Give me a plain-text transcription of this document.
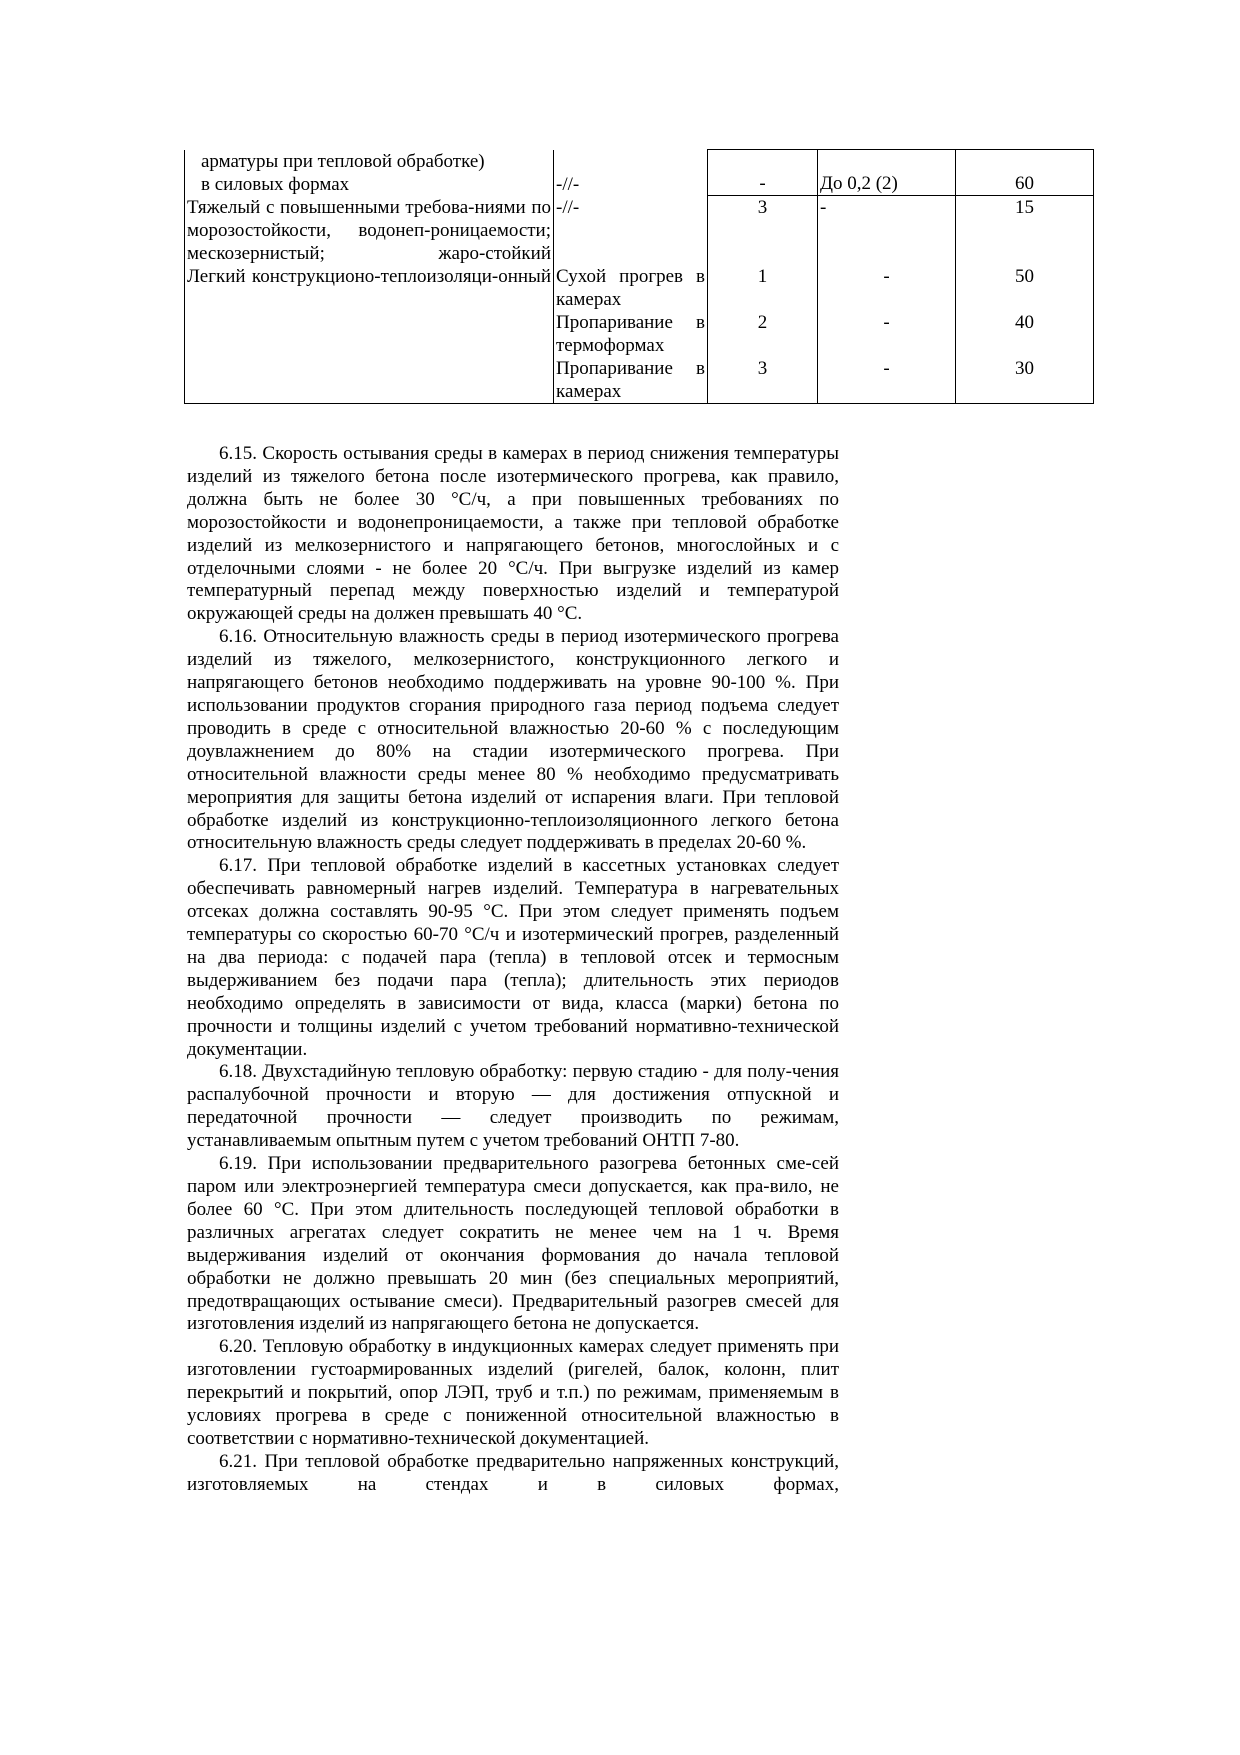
арматуры при тепловой обработке)
в силовых формах	-//-	-	До 0,2 (2)	60
Тяжелый с повышенными требова-ниями по морозостойкости, водонеп-роницаемости; мескозернистый; жаро-стойкий	-//-	3	-	15
Легкий конструкционо-теплоизоляци-онный	Сухой прогрев в камерах	1	-	50
	Пропаривание в термоформах	2	-	40
	Пропаривание в камерах	3	-	30

6.15. Скорость остывания среды в камерах в период снижения температуры изделий из тяжелого бетона после изотермического прогрева, как правило, должна быть не более 30 °С/ч, а при повышенных требованиях по морозостойкости и водонепроницаемости, а также при тепловой обработке изделий из мелкозернистого и напрягающего бетонов, многослойных и с отделочными слоями - не более 20 °С/ч. При выгрузке изделий из камер температурный перепад между поверхностью изделий и температурой окружающей среды на должен превышать 40 °С.

6.16. Относительную влажность среды в период изотермического прогрева изделий из тяжелого, мелкозернистого, конструкционного легкого и напрягающего бетонов необходимо поддерживать на уровне 90-100 %. При использовании продуктов сгорания природного газа период подъема следует проводить в среде с относительной влажностью 20-60 % с последующим доувлажнением до 80% на стадии изотермического прогрева. При относительной влажности среды менее 80 % необходимо предусматривать мероприятия для защиты бетона изделий от испарения влаги. При тепловой обработке изделий из конструкционно-теплоизоляционного легкого бетона относительную влажность среды следует поддерживать в пределах 20-60 %.

6.17. При тепловой обработке изделий в кассетных установках следует обеспечивать равномерный нагрев изделий. Температура в нагревательных отсеках должна составлять 90-95 °С. При этом следует применять подъем температуры со скоростью 60-70 °С/ч и изотермический прогрев, разделенный на два периода: с подачей пара (тепла) в тепловой отсек и термосным выдерживанием без подачи пара (тепла); длительность этих периодов необходимо определять в зависимости от вида, класса (марки) бетона по прочности и толщины изделий с учетом требований нормативно-технической документации.

6.18. Двухстадийную тепловую обработку: первую стадию - для полу-чения распалубочной прочности и вторую — для достижения отпускной и передаточной прочности — следует производить по режимам, устанавливаемым опытным путем с учетом требований ОНТП 7-80.

6.19. При использовании предварительного разогрева бетонных сме-сей паром или электроэнергией температура смеси допускается, как пра-вило, не более 60 °С. При этом длительность последующей тепловой обработки в различных агрегатах следует сократить не менее чем на 1 ч. Время выдерживания изделий от окончания формования до начала тепловой обработки не должно превышать 20 мин (без специальных мероприятий, предотвращающих остывание смеси). Предварительный разогрев смесей для изготовления изделий из напрягающего бетона не допускается.

6.20. Тепловую обработку в индукционных камерах следует применять при изготовлении густоармированных изделий (ригелей, балок, колонн, плит перекрытий и покрытий, опор ЛЭП, труб и т.п.) по режимам, применяемым в условиях прогрева в среде с пониженной относительной влажностью в соответствии с нормативно-технической документацией.

6.21. При тепловой обработке предварительно напряженных конструкций, изготовляемых на стендах и в силовых формах,
